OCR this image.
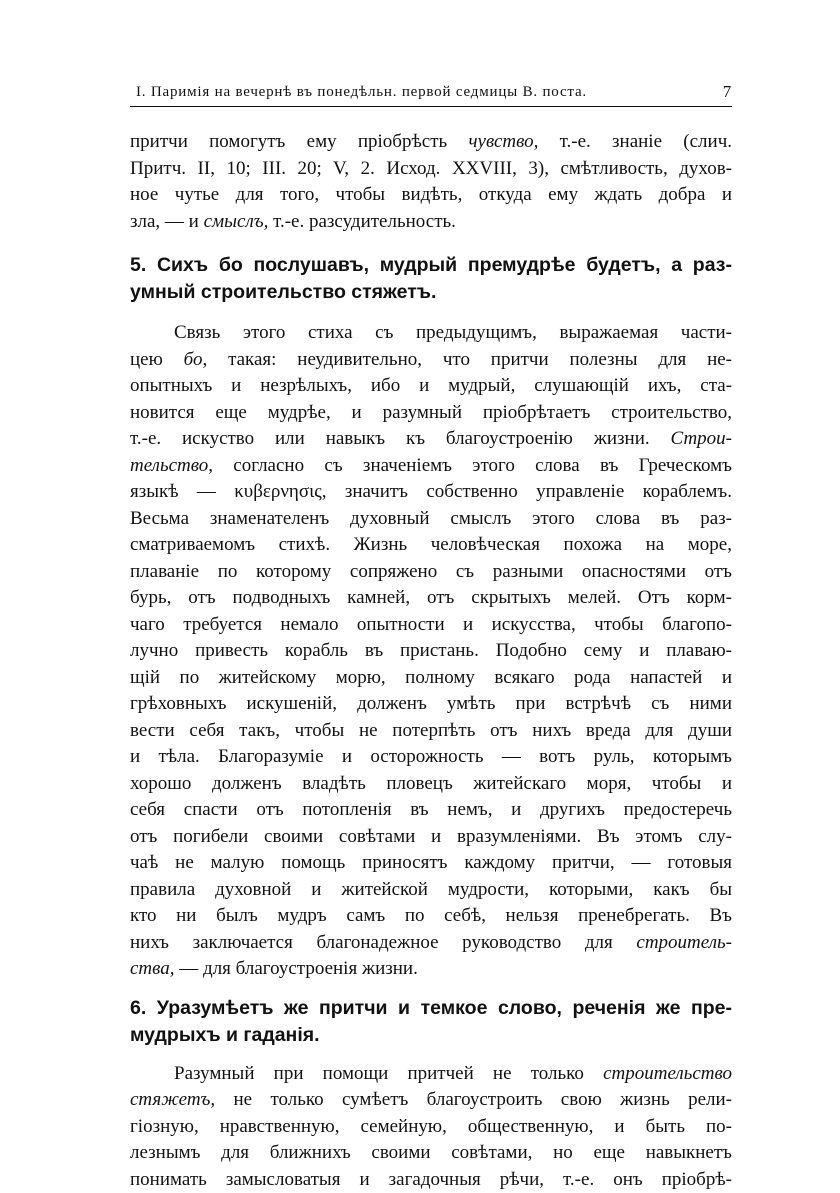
I. Паримія на вечернѣ въ понедѣльн. первой седмицы В. поста.	7
притчи помогутъ ему пріобрѣсть чувство, т.-е. знаніе (слич.
Притч. II, 10; III. 20; V, 2. Исход. XXVIII, 3), смѣтливость, духов-
ное чутье для того, чтобы видѣть, откуда ему ждать добра и
зла, — и смыслъ, т.-е. разсудительность.
5. Сихъ бо послушавъ, мудрый премудрѣе будетъ, а раз-
умный строительство стяжетъ.
Связь этого стиха съ предыдущимъ, выражаемая части-
цею бо, такая: неудивительно, что притчи полезны для не-
опытныхъ и незрѣлыхъ, ибо и мудрый, слушающій ихъ, ста-
новится еще мудрѣе, и разумный пріобрѣтаетъ строительство,
т.-е. искуство или навыкъ къ благоустроенію жизни. Строи-
тельство, согласно съ значеніемъ этого слова въ Греческомъ
языкѣ — κυβερνησις, значитъ собственно управленіе кораблемъ.
Весьма знаменателенъ духовный смыслъ этого слова въ раз-
сматриваемомъ стихѣ. Жизнь человѣческая похожа на море,
плаваніе по которому сопряжено съ разными опасностями отъ
бурь, отъ подводныхъ камней, отъ скрытыхъ мелей. Отъ корм-
чаго требуется немало опытности и искусства, чтобы благопо-
лучно привесть корабль въ пристань. Подобно сему и плаваю-
щій по житейскому морю, полному всякаго рода напастей и
грѣховныхъ искушеній, долженъ умѣть при встрѣчѣ съ ними
вести себя такъ, чтобы не потерпѣть отъ нихъ вреда для души
и тѣла. Благоразуміе и осторожность — вотъ руль, которымъ
хорошо долженъ владѣть пловецъ житейскаго моря, чтобы и
себя спасти отъ потопленія въ немъ, и другихъ предостеречь
отъ погибели своими совѣтами и вразумленіями. Въ этомъ слу-
чаѣ не малую помощь приносятъ каждому притчи, — готовыя
правила духовной и житейской мудрости, которыми, какъ бы
кто ни былъ мудръ самъ по себѣ, нельзя пренебрегать. Въ
нихъ заключается благонадежное руководство для строитель-
ства, — для благоустроенія жизни.
6. Уразумѣетъ же притчи и темкое слово, реченія же пре-
мудрыхъ и гаданія.
Разумный при помощи притчей не только строительство
стяжетъ, не только сумѣетъ благоустроить свою жизнь рели-
гіозную, нравственную, семейную, общественную, и быть по-
лезнымъ для ближнихъ своими совѣтами, но еще навыкнетъ
понимать замысловатыя и загадочныя рѣчи, т.-е. онъ пріобрѣ-
